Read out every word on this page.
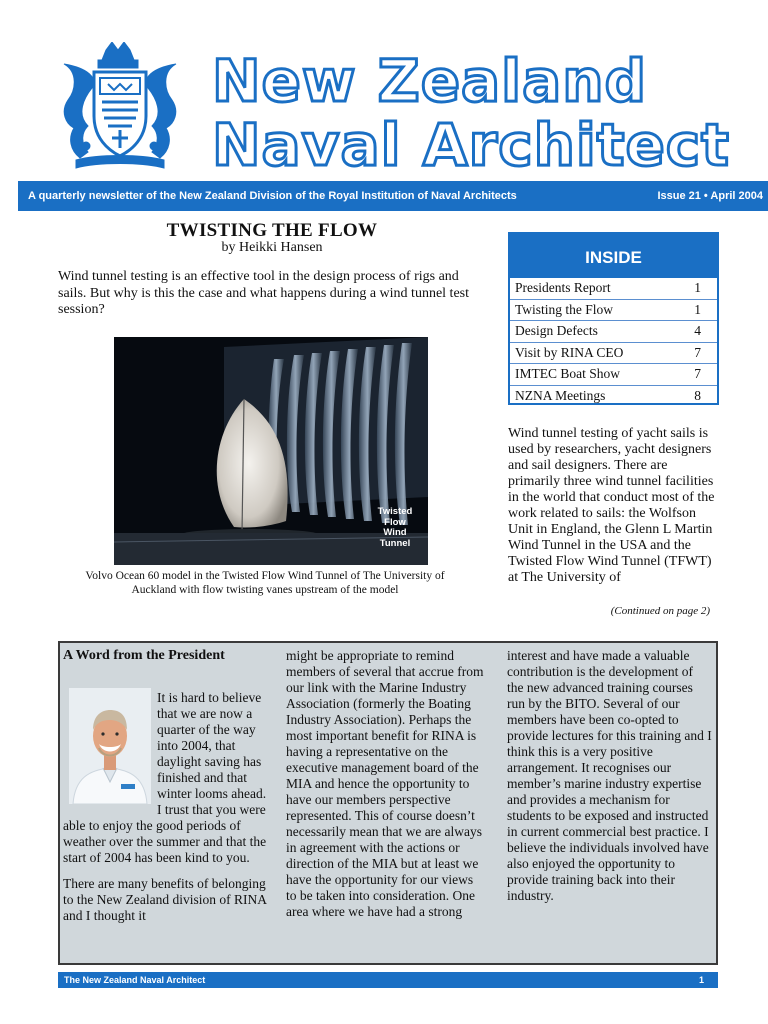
New Zealand
Naval Architect
A quarterly newsletter of the New Zealand Division of the Royal Institution of Naval Architects	Issue 21 • April 2004
TWISTING THE FLOW
by Heikki Hansen
Wind tunnel testing is an effective tool in the design process of rigs and sails. But why is this the case and what happens during a wind tunnel test session?
Twisted
Flow
Wind
Tunnel
Volvo Ocean 60 model in the Twisted Flow Wind Tunnel of The University of Auckland with flow twisting vanes upstream of the model
INSIDE
Presidents Report	1
Twisting the Flow	1
Design Defects	4
Visit by RINA CEO	7
IMTEC Boat Show	7
NZNA Meetings	8
Wind tunnel testing of yacht sails is used by researchers, yacht designers and sail designers. There are primarily three wind tunnel facilities in the world that conduct most of the work related to sails: the Wolfson Unit in England, the Glenn L Martin Wind Tunnel in the USA and the Twisted Flow Wind Tunnel (TFWT) at The University of
(Continued on page 2)
A Word from the President
It is hard to believe that we are now a quarter of the way into 2004, that daylight saving has finished and that winter looms ahead. I trust that you were able to enjoy the good periods of weather over the summer and that the start of 2004 has been kind to you.
There are many benefits of belonging to the New Zealand division of RINA and I thought it
might be appropriate to remind members of several that accrue from our link with the Marine Industry Association (formerly the Boating Industry Association). Perhaps the most important benefit for RINA is having a representative on the executive management board of the MIA and hence the opportunity to have our members perspective represented. This of course doesn’t necessarily mean that we are always in agreement with the actions or direction of the MIA but at least we have the opportunity for our views to be taken into consideration. One area where we have had a strong
interest and have made a valuable contribution is the development of the new advanced training courses run by the BITO. Several of our members have been co-opted to provide lectures for this training and I think this is a very positive arrangement. It recognises our member’s marine industry expertise and provides a mechanism for students to be exposed and instructed in current commercial best practice. I believe the individuals involved have also enjoyed the opportunity to provide training back into their industry.
The New Zealand Naval Architect	1
